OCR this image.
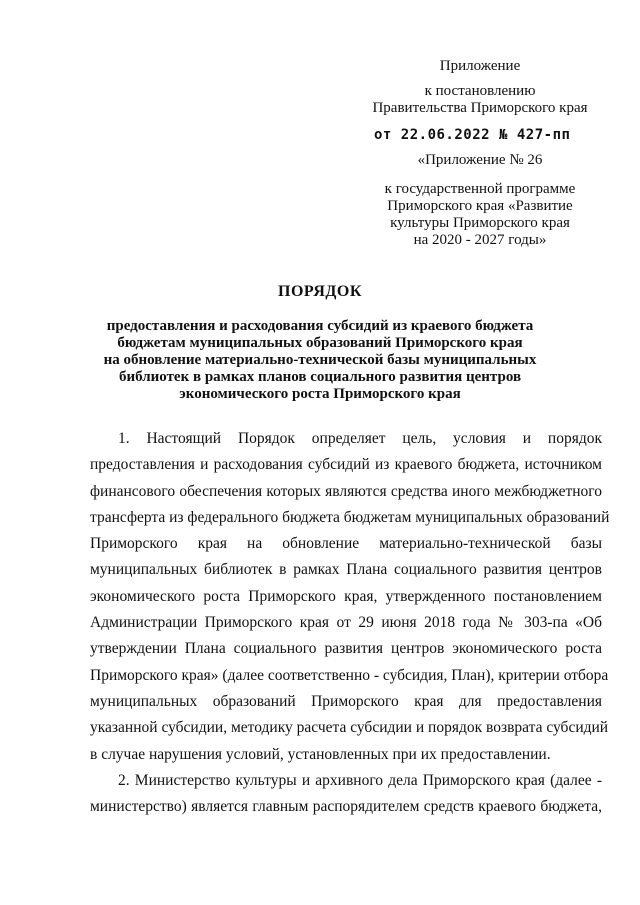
Приложение
к постановлению
Правительства Приморского края
от 22.06.2022 № 427-пп
«Приложение № 26
к государственной программе
Приморского края «Развитие
культуры Приморского края
на 2020 - 2027 годы»
ПОРЯДОК
предоставления и расходования субсидий из краевого бюджета
бюджетам муниципальных образований Приморского края
на обновление материально-технической базы муниципальных
библиотек в рамках планов социального развития центров
экономического роста Приморского края
1. Настоящий Порядок определяет цель, условия и порядок
предоставления и расходования субсидий из краевого бюджета, источником
финансового обеспечения которых являются средства иного межбюджетного
трансферта из федерального бюджета бюджетам муниципальных образований
Приморского края на обновление материально-технической базы
муниципальных библиотек в рамках Плана социального развития центров
экономического роста Приморского края, утвержденного постановлением
Администрации Приморского края от 29 июня 2018 года № 303-па «Об
утверждении Плана социального развития центров экономического роста
Приморского края» (далее соответственно - субсидия, План), критерии отбора
муниципальных образований Приморского края для предоставления
указанной субсидии, методику расчета субсидии и порядок возврата субсидий
в случае нарушения условий, установленных при их предоставлении.
2. Министерство культуры и архивного дела Приморского края (далее -
министерство) является главным распорядителем средств краевого бюджета,
